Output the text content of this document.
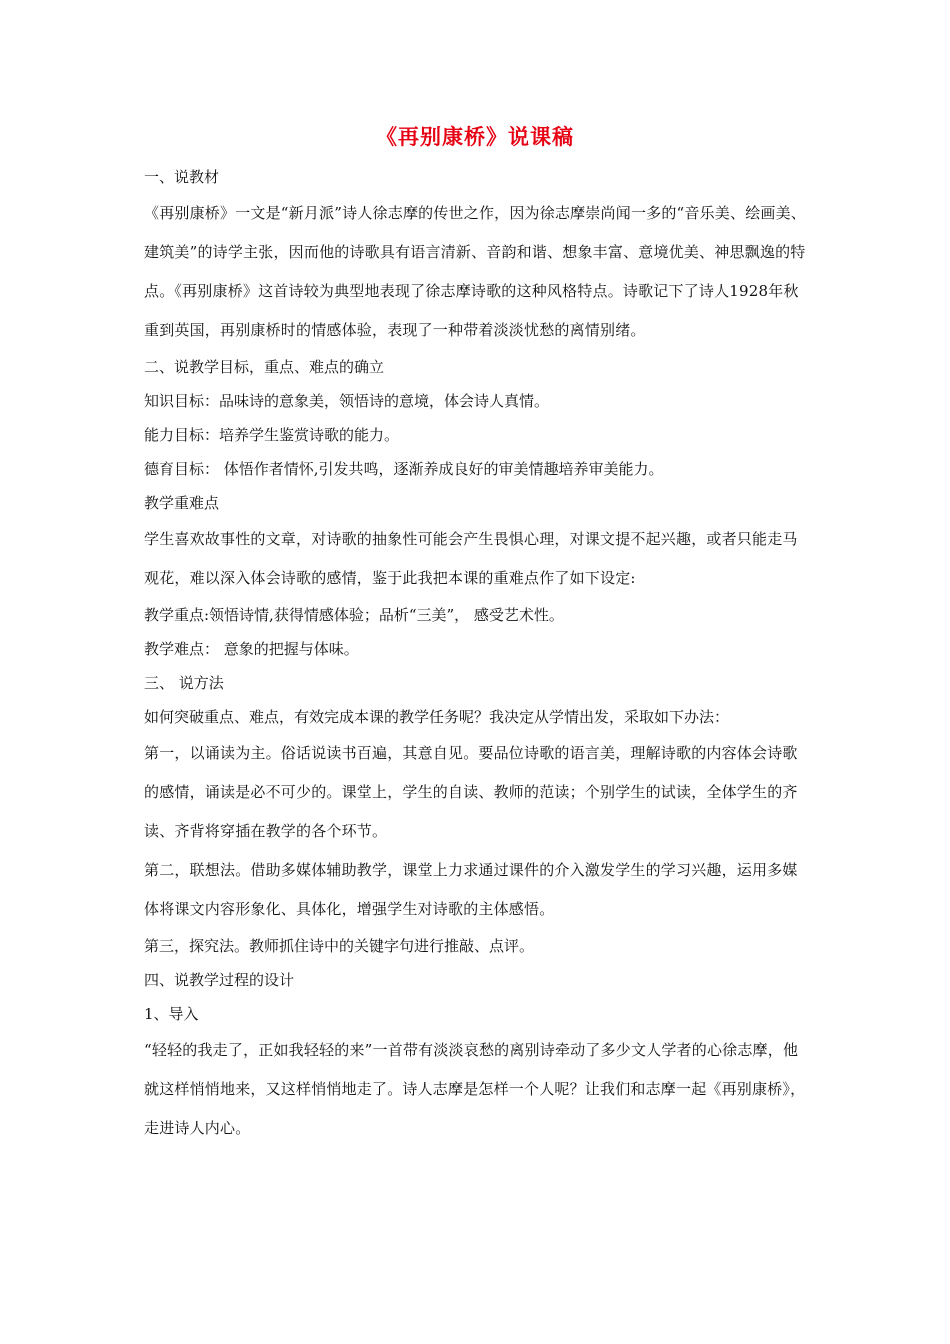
《再别康桥》说课稿

一、说教材

《再别康桥》一文是“新月派”诗人徐志摩的传世之作，因为徐志摩崇尚闻一多的“音乐美、绘画美、建筑美”的诗学主张，因而他的诗歌具有语言清新、音韵和谐、想象丰富、意境优美、神思飘逸的特点。《再别康桥》这首诗较为典型地表现了徐志摩诗歌的这种风格特点。诗歌记下了诗人1928年秋重到英国，再别康桥时的情感体验，表现了一种带着淡淡忧愁的离情别绪。

二、说教学目标，重点、难点的确立

知识目标：品味诗的意象美，领悟诗的意境，体会诗人真情。

能力目标：培养学生鉴赏诗歌的能力。

德育目标： 体悟作者情怀,引发共鸣，逐渐养成良好的审美情趣培养审美能力。

教学重难点

学生喜欢故事性的文章，对诗歌的抽象性可能会产生畏惧心理，对课文提不起兴趣，或者只能走马观花，难以深入体会诗歌的感情，鉴于此我把本课的重难点作了如下设定:

教学重点:领悟诗情,获得情感体验；品析“三美”， 感受艺术性。

教学难点： 意象的把握与体味。

三、 说方法

如何突破重点、难点，有效完成本课的教学任务呢？我决定从学情出发，采取如下办法：

第一，以诵读为主。俗话说读书百遍，其意自见。要品位诗歌的语言美，理解诗歌的内容体会诗歌的感情，诵读是必不可少的。课堂上，学生的自读、教师的范读；个别学生的试读，全体学生的齐读、齐背将穿插在教学的各个环节。

第二，联想法。借助多媒体辅助教学，课堂上力求通过课件的介入激发学生的学习兴趣，运用多媒体将课文内容形象化、具体化，增强学生对诗歌的主体感悟。

第三，探究法。教师抓住诗中的关键字句进行推敲、点评。

四、说教学过程的设计

1、导入

“轻轻的我走了，正如我轻轻的来”一首带有淡淡哀愁的离别诗牵动了多少文人学者的心徐志摩，他就这样悄悄地来，又这样悄悄地走了。诗人志摩是怎样一个人呢？让我们和志摩一起《再别康桥》，走进诗人内心。
